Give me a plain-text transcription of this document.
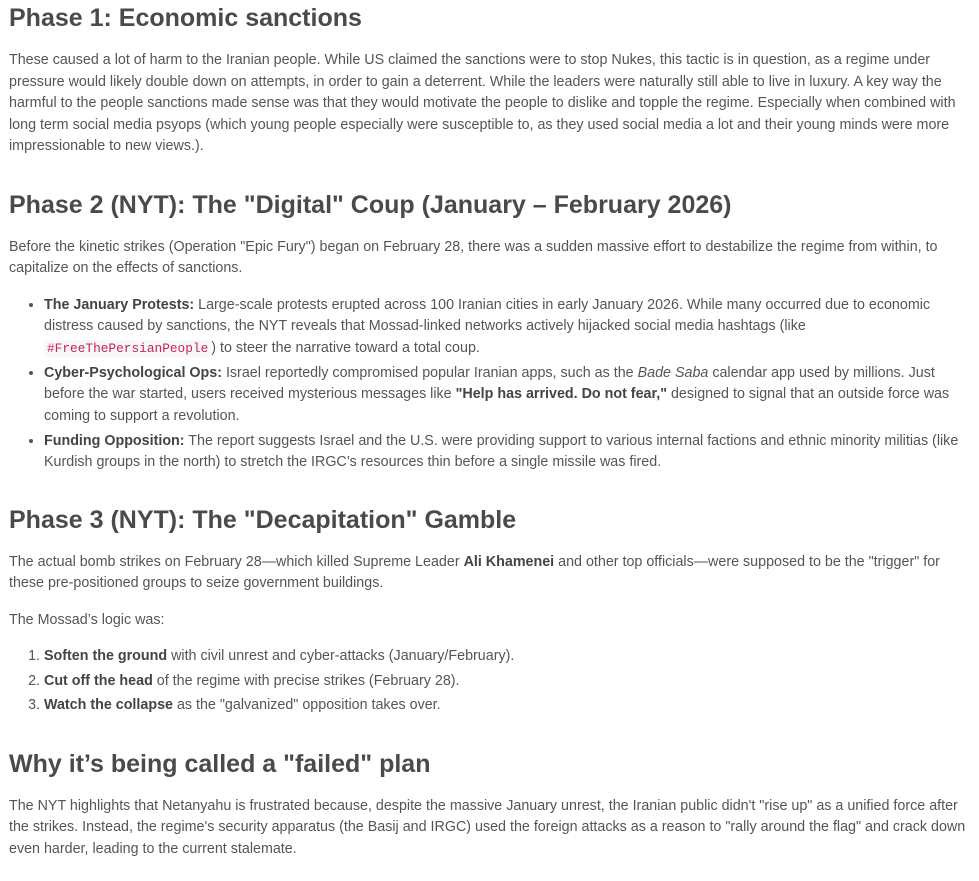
Phase 1: Economic sanctions

These caused a lot of harm to the Iranian people. While US claimed the sanctions were to stop Nukes, this tactic is in question, as a regime under pressure would likely double down on attempts, in order to gain a deterrent. While the leaders were naturally still able to live in luxury. A key way the harmful to the people sanctions made sense was that they would motivate the people to dislike and topple the regime. Especially when combined with long term social media psyops (which young people especially were susceptible to, as they used social media a lot and their young minds were more impressionable to new views.).

Phase 2 (NYT): The "Digital" Coup (January – February 2026)

Before the kinetic strikes (Operation "Epic Fury") began on February 28, there was a sudden massive effort to destabilize the regime from within, to capitalize on the effects of sanctions.

• The January Protests: Large-scale protests erupted across 100 Iranian cities in early January 2026. While many occurred due to economic distress caused by sanctions, the NYT reveals that Mossad-linked networks actively hijacked social media hashtags (like #FreeThePersianPeople ) to steer the narrative toward a total coup.
• Cyber-Psychological Ops: Israel reportedly compromised popular Iranian apps, such as the Bade Saba calendar app used by millions. Just before the war started, users received mysterious messages like "Help has arrived. Do not fear," designed to signal that an outside force was coming to support a revolution.
• Funding Opposition: The report suggests Israel and the U.S. were providing support to various internal factions and ethnic minority militias (like Kurdish groups in the north) to stretch the IRGC’s resources thin before a single missile was fired.
Phase 3 (NYT): The "Decapitation" Gamble

The actual bomb strikes on February 28—which killed Supreme Leader Ali Khamenei and other top officials—were supposed to be the "trigger" for these pre-positioned groups to seize government buildings.

The Mossad’s logic was:

1. Soften the ground with civil unrest and cyber-attacks (January/February).
2. Cut off the head of the regime with precise strikes (February 28).
3. Watch the collapse as the "galvanized" opposition takes over.
Why it’s being called a "failed" plan

The NYT highlights that Netanyahu is frustrated because, despite the massive January unrest, the Iranian public didn't "rise up" as a unified force after the strikes. Instead, the regime's security apparatus (the Basij and IRGC) used the foreign attacks as a reason to "rally around the flag" and crack down even harder, leading to the current stalemate.
